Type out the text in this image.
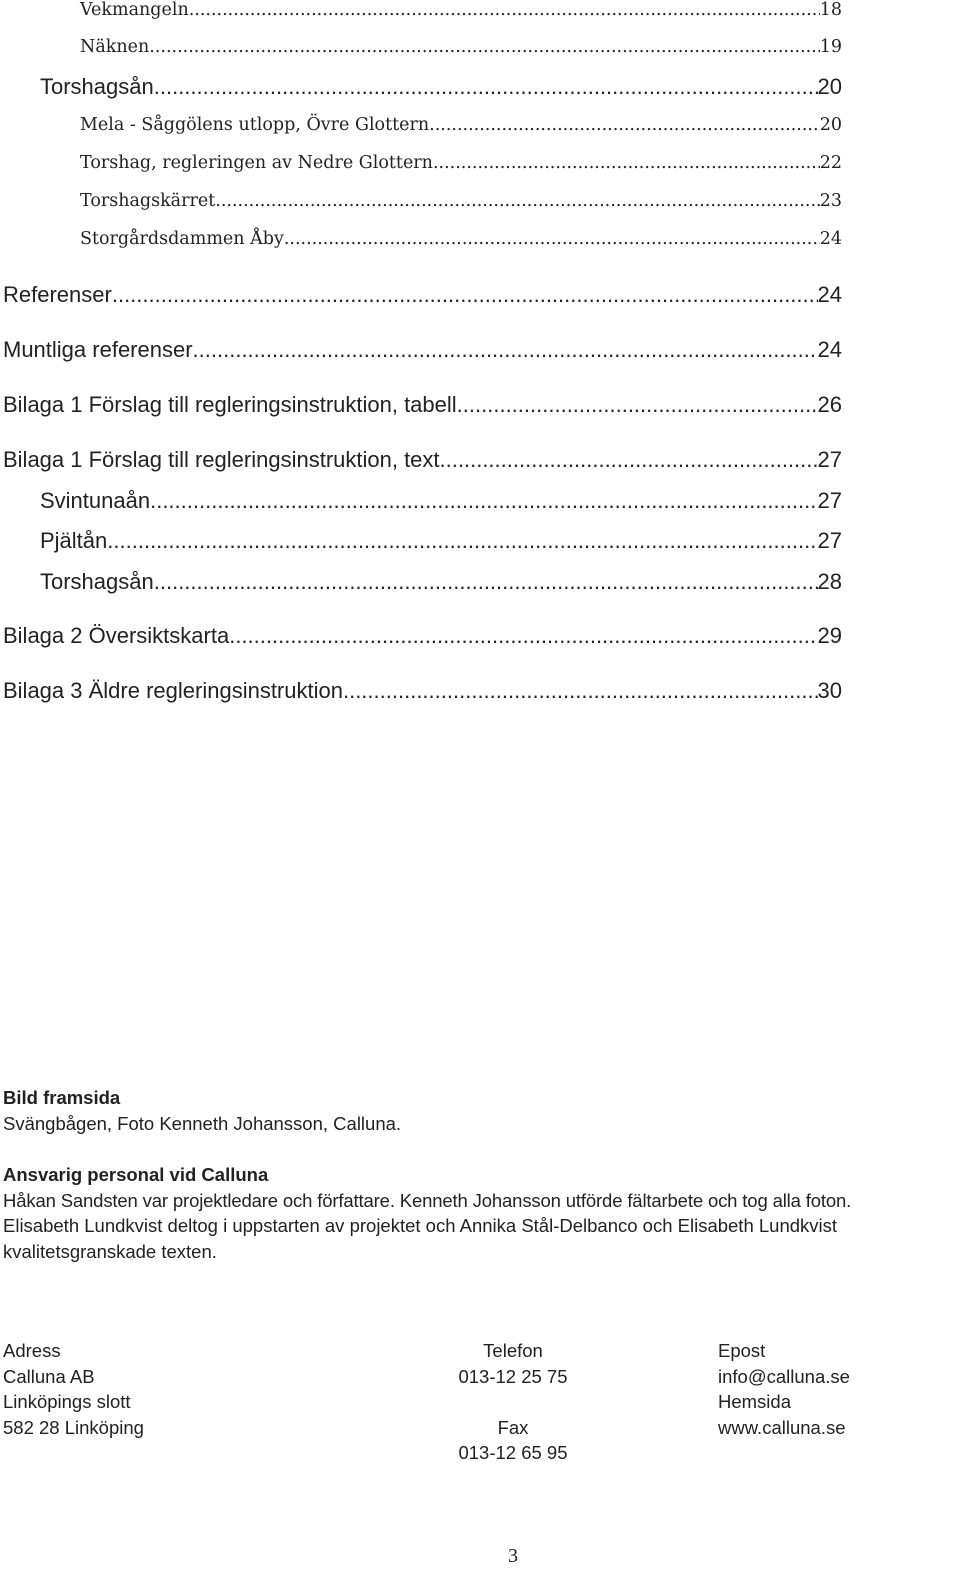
Vekmangeln .....	18
Näknen .....	19
Torshagsån .....	20
Mela - Såggölens utlopp, Övre Glottern .....	20
Torshag, regleringen av Nedre Glottern .....	22
Torshagskärret .....	23
Storgårdsdammen Åby .....	24
Referenser .....	24
Muntliga referenser .....	24
Bilaga 1 Förslag till regleringsinstruktion, tabell .....	26
Bilaga 1 Förslag till regleringsinstruktion, text .....	27
Svintunaån .....	27
Pjältån .....	27
Torshagsån .....	28
Bilaga 2 Översiktskarta .....	29
Bilaga 3 Äldre regleringsinstruktion .....	30
Bild framsida
Svängbågen, Foto Kenneth Johansson, Calluna.
Ansvarig personal vid Calluna
Håkan Sandsten var projektledare och författare. Kenneth Johansson utförde fältarbete och tog alla foton.
Elisabeth Lundkvist deltog i uppstarten av projektet och Annika Stål-Delbanco och Elisabeth Lundkvist
kvalitetsgranskade texten.
Adress
Calluna AB
Linköpings slott
582 28 Linköping
Telefon
013-12 25 75
Fax
013-12 65 95
Epost
info@calluna.se
Hemsida
www.calluna.se
3
